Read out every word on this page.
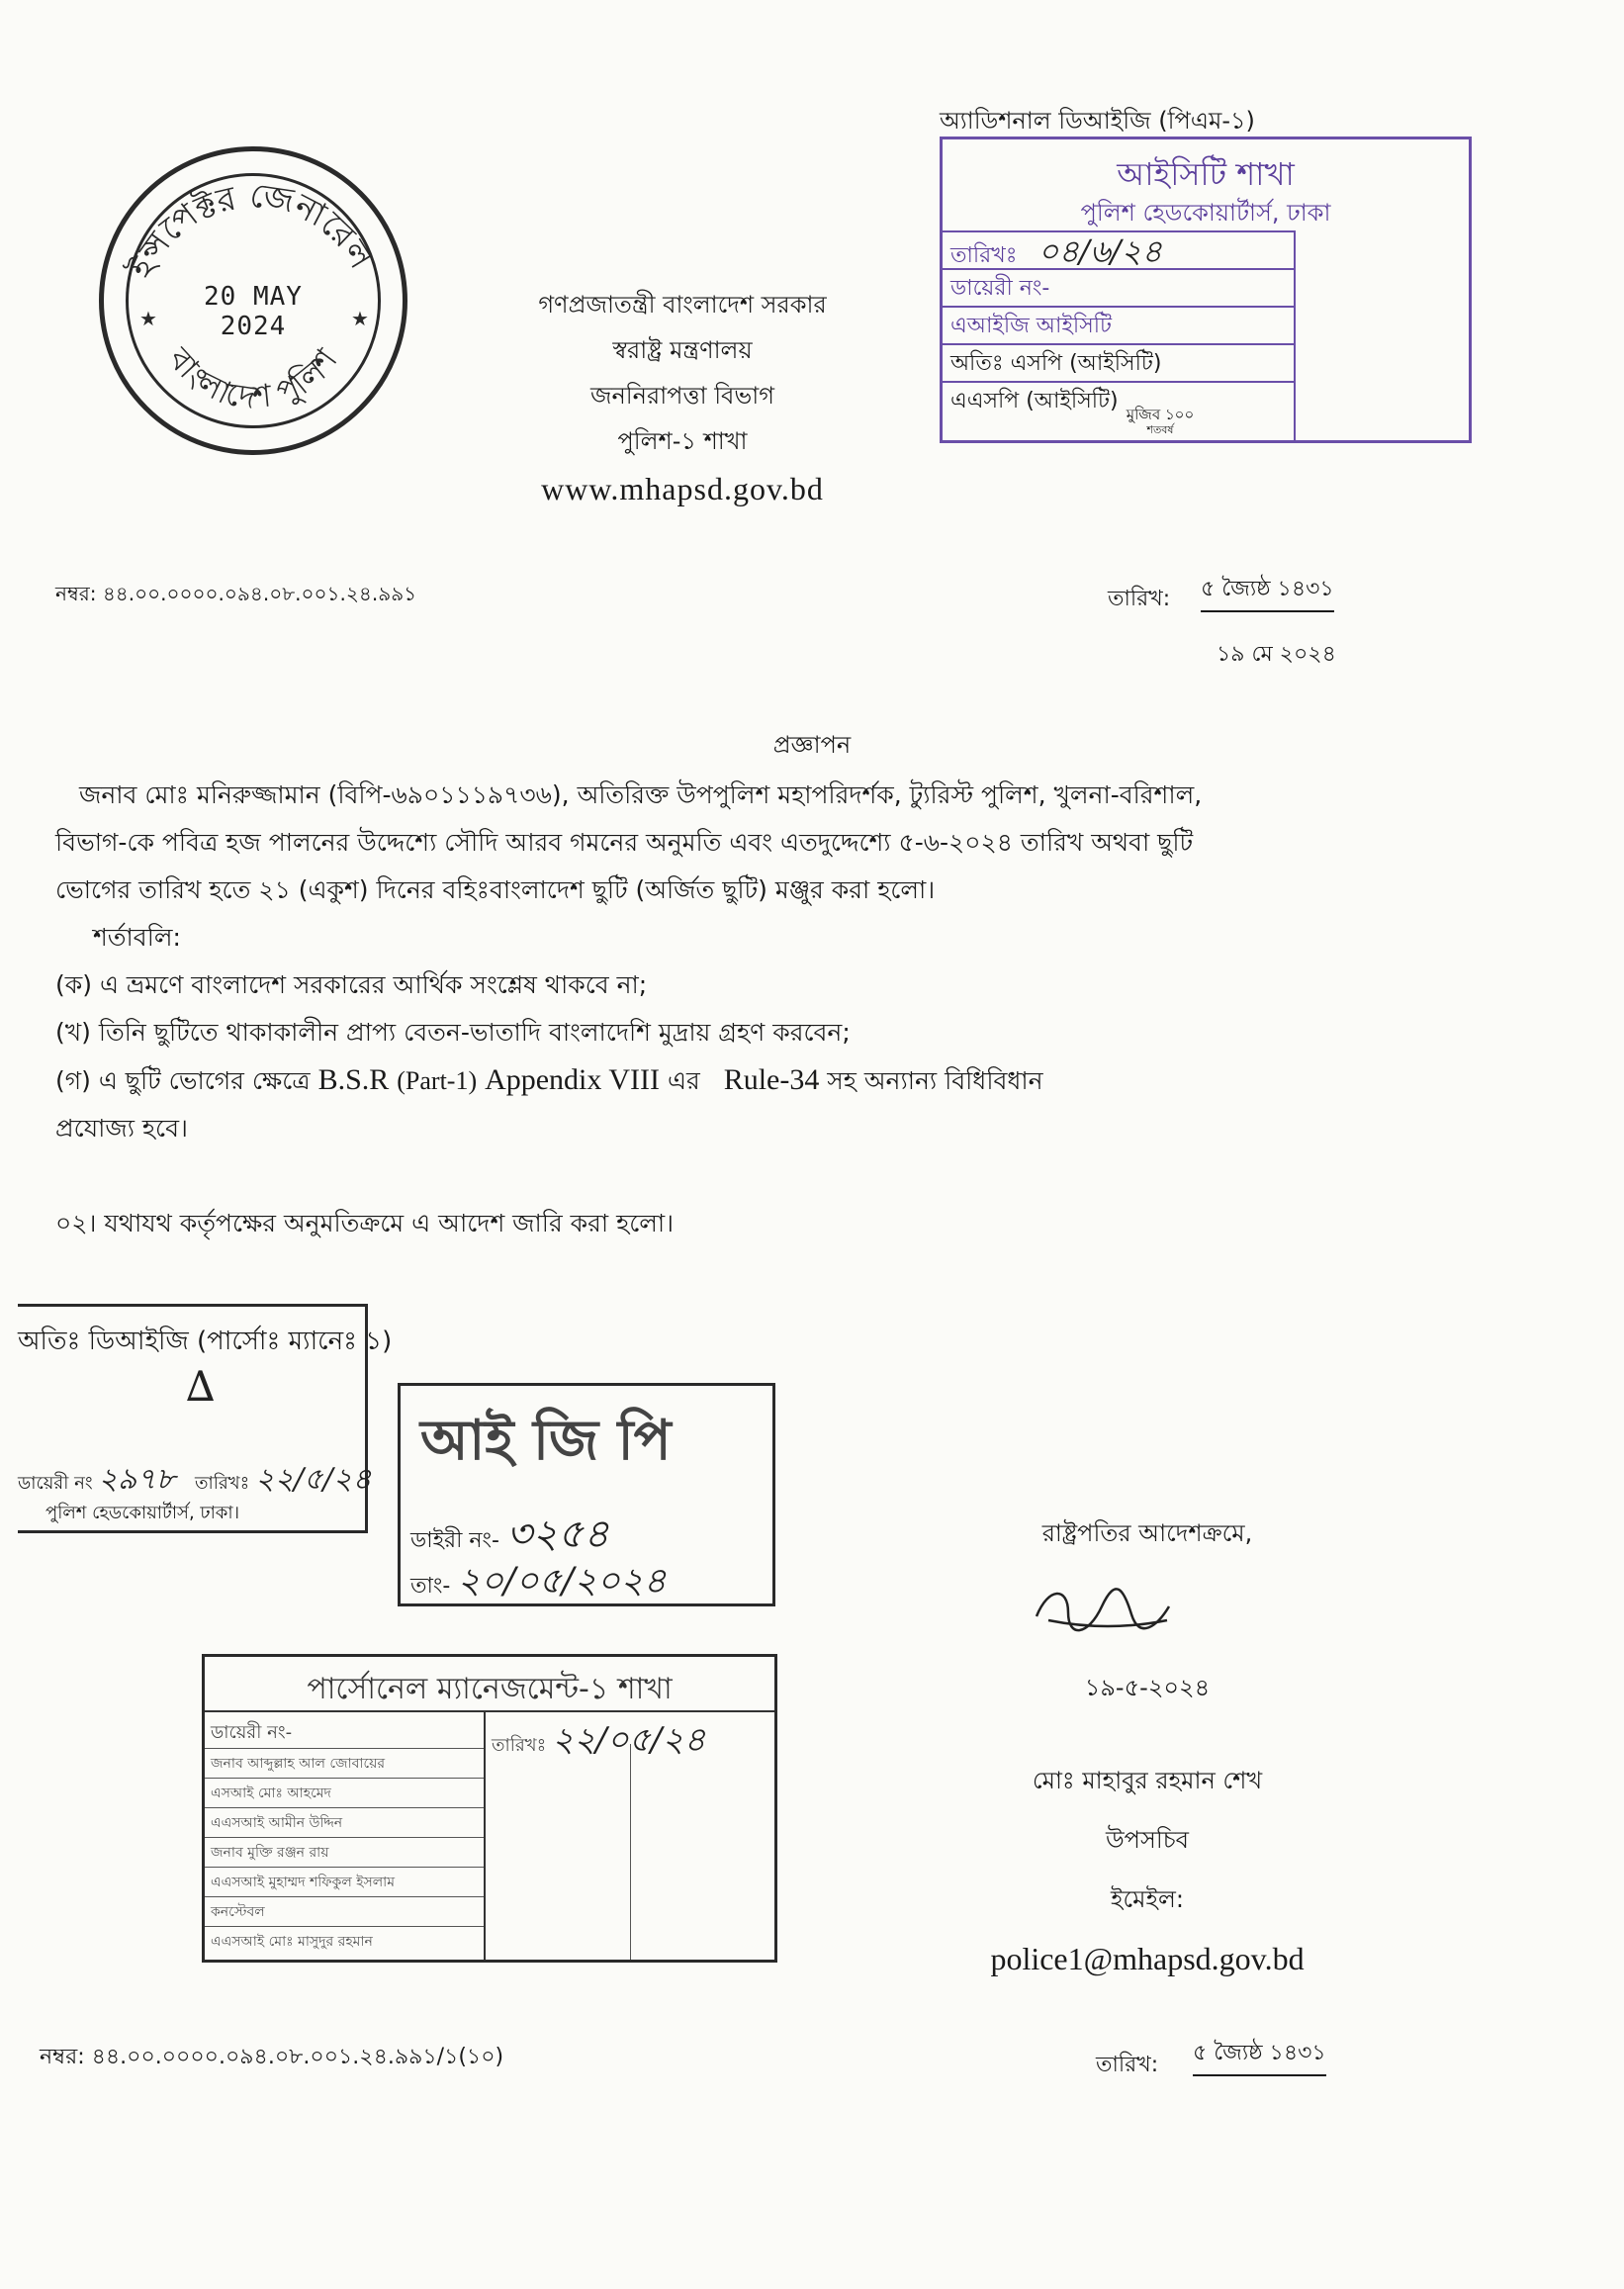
ইন্সপেক্টর জেনারেল
বাংলাদেশ পুলিশ
★	★
20 MAY 2024
গণপ্রজাতন্ত্রী বাংলাদেশ সরকার
স্বরাষ্ট্র মন্ত্রণালয়
জননিরাপত্তা বিভাগ
পুলিশ-১ শাখা
www.mhapsd.gov.bd
অ্যাডিশনাল ডিআইজি (পিএম-১)
আইসিটি শাখা
পুলিশ হেডকোয়ার্টার্স, ঢাকা
তারিখঃ ০৪/৬/২৪
ডায়েরী নং-
এআইজি আইসিটি
অতিঃ এসপি (আইসিটি)
এএসপি (আইসিটি)
মুজিব ১০০
শতবর্ষ
নম্বর: ৪৪.০০.০০০০.০৯৪.০৮.০০১.২৪.৯৯১	তারিখ: ৫ জ্যৈষ্ঠ ১৪৩১
১৯ মে ২০২৪
প্রজ্ঞাপন
জনাব মোঃ মনিরুজ্জামান (বিপি-৬৯০১১১৯৭৩৬), অতিরিক্ত উপপুলিশ মহাপরিদর্শক, ট্যুরিস্ট পুলিশ, খুলনা-বরিশাল,
বিভাগ-কে পবিত্র হজ পালনের উদ্দেশ্যে সৌদি আরব গমনের অনুমতি এবং এতদুদ্দেশ্যে ৫-৬-২০২৪ তারিখ অথবা ছুটি
ভোগের তারিখ হতে ২১ (একুশ) দিনের বহিঃবাংলাদেশ ছুটি (অর্জিত ছুটি) মঞ্জুর করা হলো।
শর্তাবলি:
(ক) এ ভ্রমণে বাংলাদেশ সরকারের আর্থিক সংশ্লেষ থাকবে না;
(খ) তিনি ছুটিতে থাকাকালীন প্রাপ্য বেতন-ভাতাদি বাংলাদেশি মুদ্রায় গ্রহণ করবেন;
(গ) এ ছুটি ভোগের ক্ষেত্রে B.S.R (Part-1) Appendix VIII এর Rule-34 সহ অন্যান্য বিধিবিধান
প্রযোজ্য হবে।
০২। যথাযথ কর্তৃপক্ষের অনুমতিক্রমে এ আদেশ জারি করা হলো।
অতিঃ ডিআইজি (পার্সোঃ ম্যানেঃ ১)
∆
ডায়েরী নং ২৯৭৮ তারিখঃ ২২/৫/২৪
পুলিশ হেডকোয়ার্টার্স, ঢাকা।
আই জি পি
ডাইরী নং- ৩২৫৪
তাং- ২০/০৫/২০২৪
পার্সোনেল ম্যানেজমেন্ট-১ শাখা
ডায়েরী নং-
তারিখঃ ২২/০৫/২৪
জনাব আব্দুল্লাহ আল জোবায়ের
এসআই মোঃ আহমেদ
এএসআই আমীন উদ্দিন
জনাব মুক্তি রঞ্জন রায়
এএসআই মুহাম্মদ শফিকুল ইসলাম
কনস্টেবল
এএসআই মোঃ মাসুদুর রহমান
রাষ্ট্রপতির আদেশক্রমে,
১৯-৫-২০২৪
মোঃ মাহাবুর রহমান শেখ
উপসচিব
ইমেইল:
police1@mhapsd.gov.bd
নম্বর: ৪৪.০০.০০০০.০৯৪.০৮.০০১.২৪.৯৯১/১(১০)	তারিখ: ৫ জ্যৈষ্ঠ ১৪৩১
